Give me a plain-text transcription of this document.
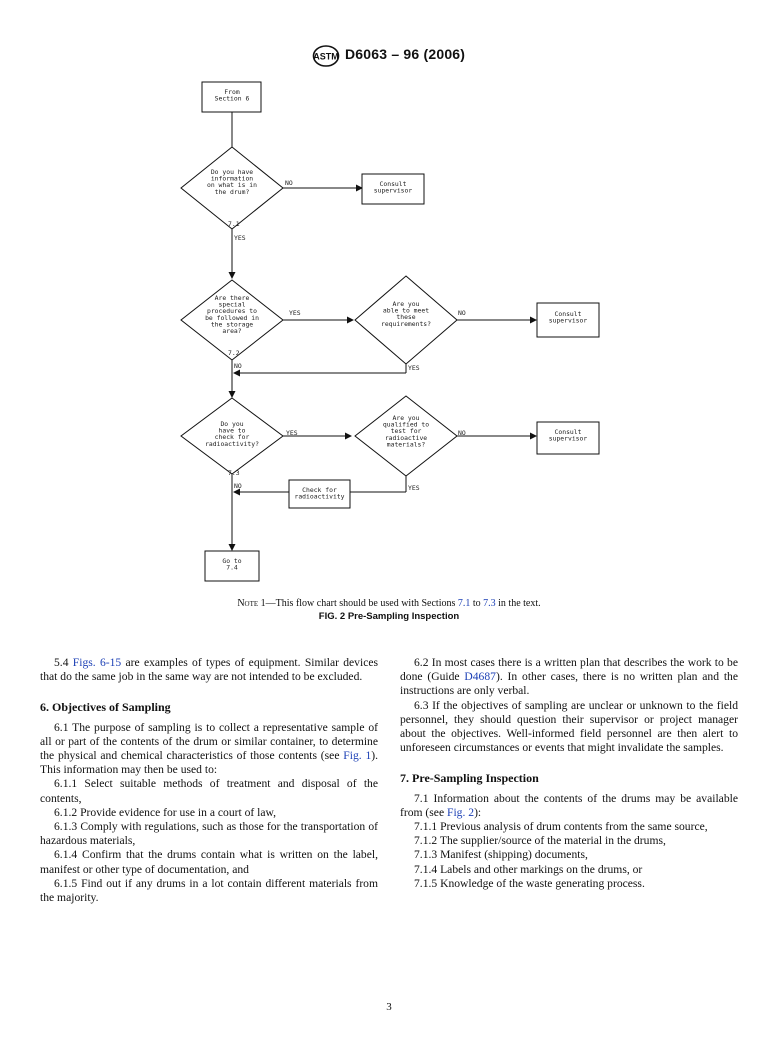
ASTM D6063 – 96 (2006)
From Section 6
Do you have information on what is in the drum?
Consult supervisor
Are there special procedures to be followed in the storage area?
Are you able to meet these requirements?
Consult supervisor
Do you have to check for radioactivity?
Are you qualified to test for radioactive materials?
Consult supervisor
Check for radioactivity
Go to 7.4
NO
7.1
YES
YES	NO
7.2
NO	YES
YES	NO
7.3
NO	YES
Note 1—This flow chart should be used with Sections 7.1 to 7.3 in the text.
FIG. 2 Pre-Sampling Inspection

5.4 Figs. 6-15 are examples of types of equipment. Similar devices that do the same job in the same way are not intended to be excluded.

6. Objectives of Sampling

6.1 The purpose of sampling is to collect a representative sample of all or part of the contents of the drum or similar container, to determine the physical and chemical characteristics of those contents (see Fig. 1). This information may then be used to:

6.1.1 Select suitable methods of treatment and disposal of the contents,

6.1.2 Provide evidence for use in a court of law,

6.1.3 Comply with regulations, such as those for the transportation of hazardous materials,

6.1.4 Confirm that the drums contain what is written on the label, manifest or other type of documentation, and

6.1.5 Find out if any drums in a lot contain different materials from the majority.

6.2 In most cases there is a written plan that describes the work to be done (Guide D4687). In other cases, there is no written plan and the instructions are only verbal.

6.3 If the objectives of sampling are unclear or unknown to the field personnel, they should question their supervisor or project manager about the objectives. Well-informed field personnel are then alert to unforeseen circumstances or events that might invalidate the samples.

7. Pre-Sampling Inspection

7.1 Information about the contents of the drums may be available from (see Fig. 2):

7.1.1 Previous analysis of drum contents from the same source,

7.1.2 The supplier/source of the material in the drums,

7.1.3 Manifest (shipping) documents,

7.1.4 Labels and other markings on the drums, or

7.1.5 Knowledge of the waste generating process.

3
